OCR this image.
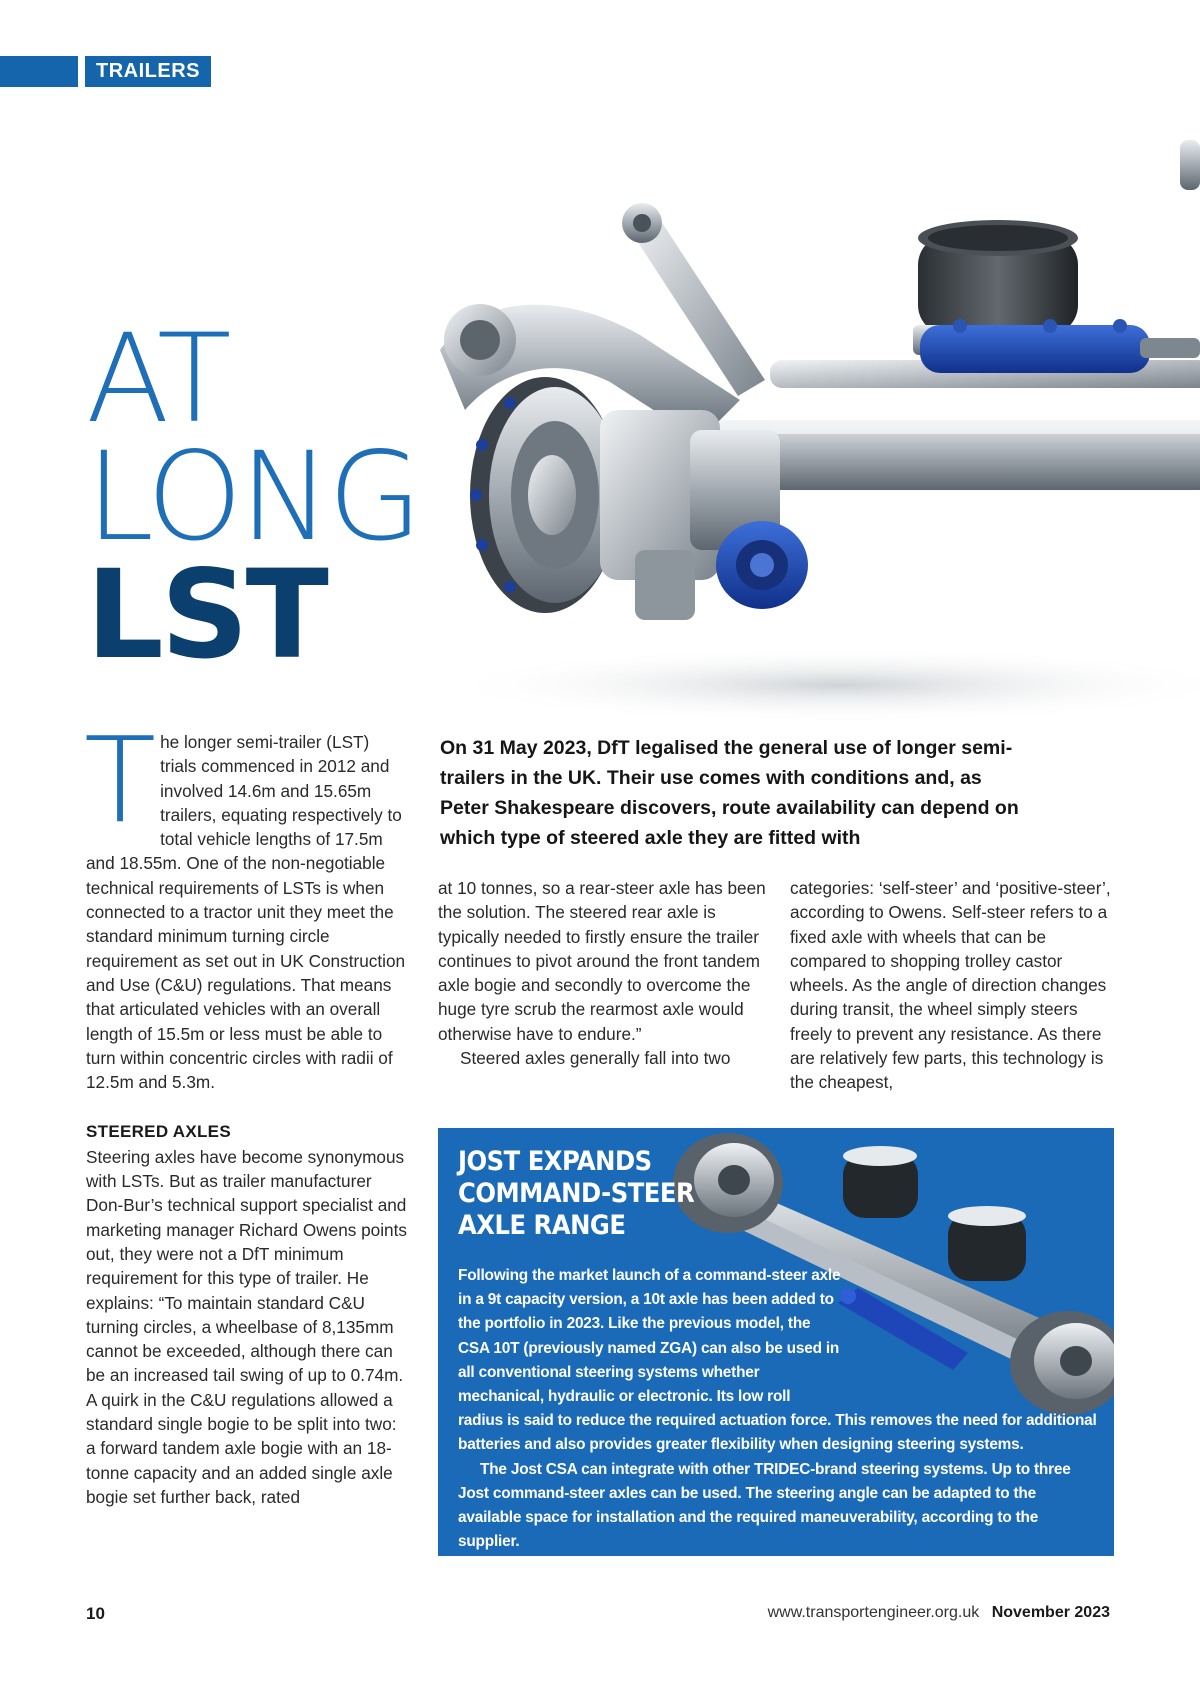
TRAILERS
AT
LONG
LST
On 31 May 2023, DfT legalised the general use of longer semi-trailers in the UK. Their use comes with conditions and, as Peter Shakespeare discovers, route availability can depend on which type of steered axle they are fitted with
T he longer semi-trailer (LST) trials commenced in 2012 and involved 14.6m and 15.65m trailers, equating respectively to total vehicle lengths of 17.5m and 18.55m. One of the non-negotiable technical requirements of LSTs is when connected to a tractor unit they meet the standard minimum turning circle requirement as set out in UK Construction and Use (C&U) regulations. That means that articulated vehicles with an overall length of 15.5m or less must be able to turn within concentric circles with radii of 12.5m and 5.3m.

STEERED AXLES

Steering axles have become synonymous with LSTs. But as trailer manufacturer Don-Bur’s technical support specialist and marketing manager Richard Owens points out, they were not a DfT minimum requirement for this type of trailer. He explains: “To maintain standard C&U turning circles, a wheelbase of 8,135mm cannot be exceeded, although there can be an increased tail swing of up to 0.74m. A quirk in the C&U regulations allowed a standard single bogie to be split into two: a forward tandem axle bogie with an 18-tonne capacity and an added single axle bogie set further back, rated

at 10 tonnes, so a rear-steer axle has been the solution. The steered rear axle is typically needed to firstly ensure the trailer continues to pivot around the front tandem axle bogie and secondly to overcome the huge tyre scrub the rearmost axle would otherwise have to endure.”

Steered axles generally fall into two

categories: ‘self-steer’ and ‘positive-steer’, according to Owens. Self-steer refers to a fixed axle with wheels that can be compared to shopping trolley castor wheels. As the angle of direction changes during transit, the wheel simply steers freely to prevent any resistance. As there are relatively few parts, this technology is the cheapest,

JOST EXPANDS
COMMAND-STEER
AXLE RANGE

Following the market launch of a command-steer axle in a 9t capacity version, a 10t axle has been added to the portfolio in 2023. Like the previous model, the CSA 10T (previously named ZGA) can also be used in all conventional steering systems whether mechanical, hydraulic or electronic. Its low roll

radius is said to reduce the required actuation force. This removes the need for additional batteries and also provides greater flexibility when designing steering systems.

The Jost CSA can integrate with other TRIDEC-brand steering systems. Up to three Jost command-steer axles can be used. The steering angle can be adapted to the available space for installation and the required maneuverability, according to the supplier.

10	www.transportengineer.org.uk November 2023
